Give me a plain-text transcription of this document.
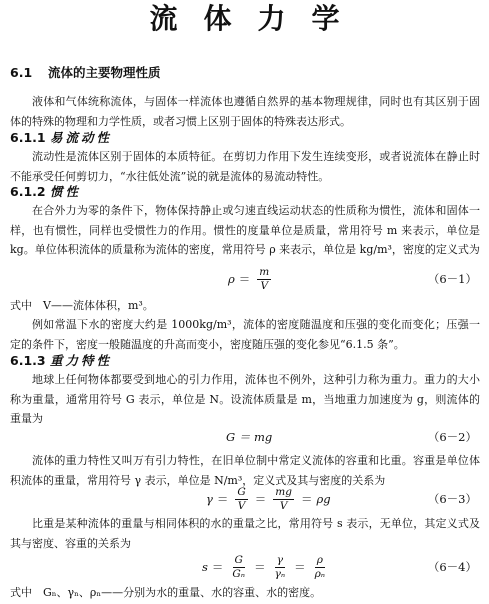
流体力学
6.1 流体的主要物理性质

液体和气体统称流体，与固体一样流体也遵循自然界的基本物理规律，同时也有其区别于固体的特殊的物理和力学性质，或者习惯上区别于固体的特殊表达形式。

6.1.1 易流动性

流动性是流体区别于固体的本质特征。在剪切力作用下发生连续变形，或者说流体在静止时不能承受任何剪切力，“水往低处流”说的就是流体的易流动特性。

6.1.2 惯性

在合外力为零的条件下，物体保持静止或匀速直线运动状态的性质称为惯性，流体和固体一样，也有惯性，同样也受惯性力的作用。惯性的度量单位是质量，常用符号 m 来表示，单位是 kg。单位体积流体的质量称为流体的密度，常用符号 ρ 来表示，单位是 kg/m³，密度的定义式为

$\rho = \frac{m}{V}$	（6－1）

式中　V——流体体积，m³。

例如常温下水的密度大约是 1000kg/m³，流体的密度随温度和压强的变化而变化；压强一定的条件下，密度一般随温度的升高而变小，密度随压强的变化参见“6.1.5 条”。

6.1.3 重力特性

地球上任何物体都要受到地心的引力作用，流体也不例外，这种引力称为重力。重力的大小称为重量，通常用符号 G 表示，单位是 N。设流体质量是 m，当地重力加速度为 g，则流体的重量为

G ＝ mg	（6－2）

流体的重力特性又叫万有引力特性，在旧单位制中常定义流体的容重和比重。容重是单位体积流体的重量，常用符号 γ 表示，单位是 N/m³，定义式及其与密度的关系为

$\gamma = \frac{G}{V} = \frac{mg}{V} = \rho g$	（6－3）

比重是某种流体的重量与相同体积的水的重量之比，常用符号 s 表示，无单位，其定义式及其与密度、容重的关系为

$s = \frac{G}{\text{Gₙ}} = \frac{\gamma}{\text{γₙ}} = \frac{\rho}{\text{ρₙ}}$	（6－4）

式中　Gₙ、γₙ、ρₙ——分别为水的重量、水的容重、水的密度。
